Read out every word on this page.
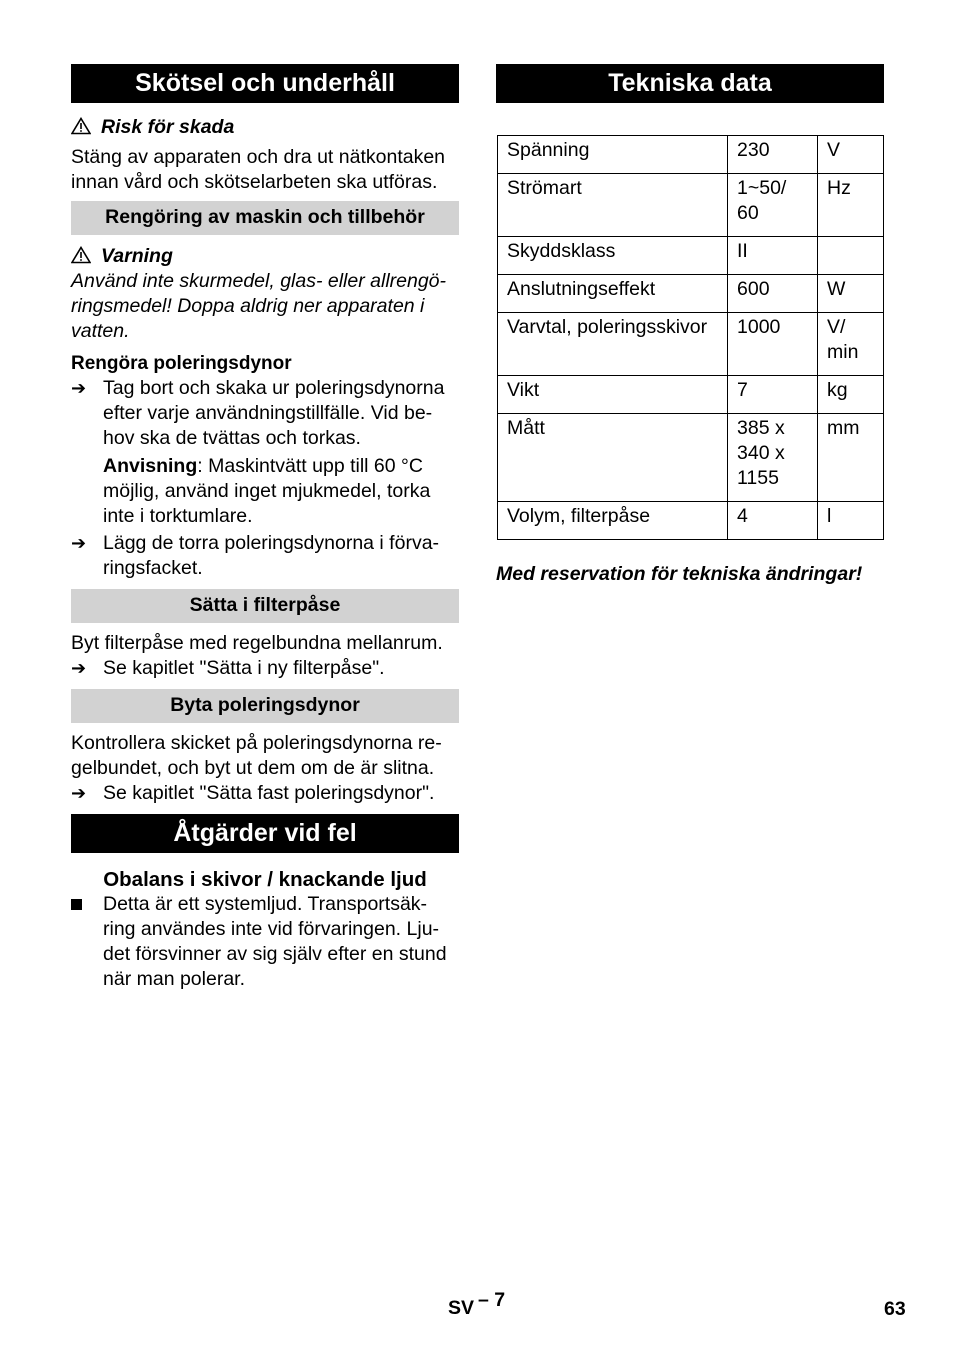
Skötsel och underhåll

Risk för skada

Stäng av apparaten och dra ut nätkontaken innan vård och skötselarbeten ska utföras.

Rengöring av maskin och tillbehör

Varning

Använd inte skurmedel, glas- eller allrengö-ringsmedel! Doppa aldrig ner apparaten i vatten.

Rengöra poleringsdynor

➔ Tag bort och skaka ur poleringsdynorna efter varje användningstillfälle. Vid be-hov ska de tvättas och torkas.

Anvisning: Maskintvätt upp till 60 °C möjlig, använd inget mjukmedel, torka inte i torktumlare.

➔ Lägg de torra poleringsdynorna i förva-ringsfacket.
Sätta i filterpåse

Byt filterpåse med regelbundna mellanrum.

➔ Se kapitlet "Sätta i ny filterpåse".
Byta poleringsdynor

Kontrollera skicket på poleringsdynorna re-gelbundet, och byt ut dem om de är slitna.

➔ Se kapitlet "Sätta fast poleringsdynor".
Åtgärder vid fel

Obalans i skivor / knackande ljud

Detta är ett systemljud. Transportsäk-ring användes inte vid förvaringen. Lju-det försvinner av sig själv efter en stund när man polerar.
Tekniska data
Spänning	230	V
Strömart	1~50/ 60	Hz
Skyddsklass	II	
Anslutningseffekt	600	W
Varvtal, poleringsskivor	1000	V/ min
Vikt	7	kg
Mått	385 x 340 x 1155	mm
Volym, filterpåse	4	l

Med reservation för tekniska ändringar!

SV – 7	63
